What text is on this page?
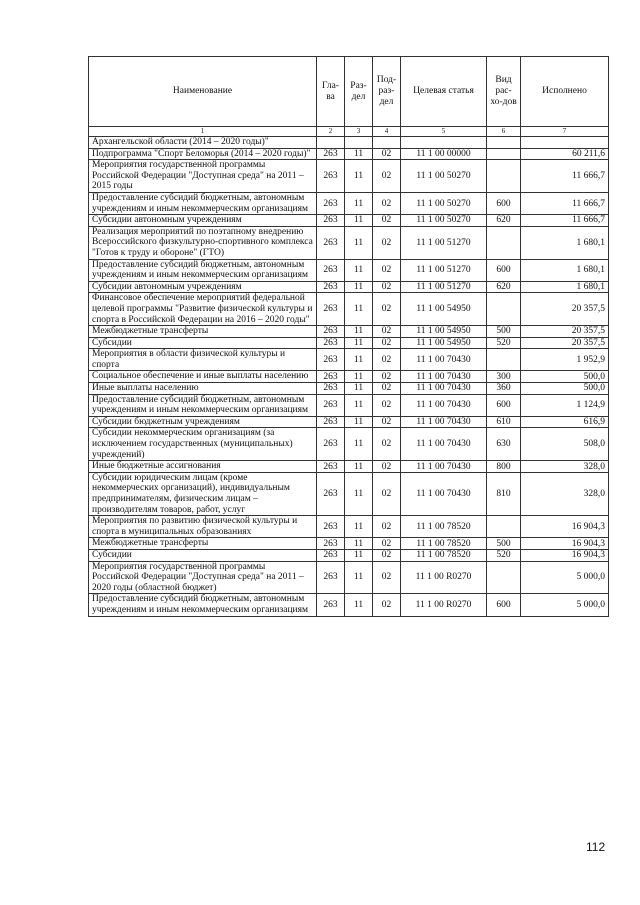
Наименование	Гла-ва	Раз-дел	Под-раз-дел	Целевая статья	Вид рас-хо-дов	Исполнено
1	2	3	4	5	6	7
Архангельской области (2014 – 2020 годы)"						
Подпрограмма "Спорт Беломорья (2014 – 2020 годы)"	263	11	02	11 1 00 00000		60 211,6
Мероприятия государственной программы Российской Федерации "Доступная среда" на 2011 – 2015 годы	263	11	02	11 1 00 50270		11 666,7
Предоставление субсидий бюджетным, автономным учреждениям и иным некоммерческим организациям	263	11	02	11 1 00 50270	600	11 666,7
Субсидии автономным учреждениям	263	11	02	11 1 00 50270	620	11 666,7
Реализация мероприятий по поэтапному внедрению Всероссийского физкультурно-спортивного комплекса "Готов к труду и обороне" (ГТО)	263	11	02	11 1 00 51270		1 680,1
Предоставление субсидий бюджетным, автономным учреждениям и иным некоммерческим организациям	263	11	02	11 1 00 51270	600	1 680,1
Субсидии автономным учреждениям	263	11	02	11 1 00 51270	620	1 680,1
Финансовое обеспечение мероприятий федеральной целевой программы "Развитие физической культуры и спорта в Российской Федерации на 2016 – 2020 годы"	263	11	02	11 1 00 54950		20 357,5
Межбюджетные трансферты	263	11	02	11 1 00 54950	500	20 357,5
Субсидии	263	11	02	11 1 00 54950	520	20 357,5
Мероприятия в области физической культуры и спорта	263	11	02	11 1 00 70430		1 952,9
Социальное обеспечение и иные выплаты населению	263	11	02	11 1 00 70430	300	500,0
Иные выплаты населению	263	11	02	11 1 00 70430	360	500,0
Предоставление субсидий бюджетным, автономным учреждениям и иным некоммерческим организациям	263	11	02	11 1 00 70430	600	1 124,9
Субсидии бюджетным учреждениям	263	11	02	11 1 00 70430	610	616,9
Субсидии некоммерческим организациям (за исключением государственных (муниципальных) учреждений)	263	11	02	11 1 00 70430	630	508,0
Иные бюджетные ассигнования	263	11	02	11 1 00 70430	800	328,0
Субсидии юридическим лицам (кроме некоммерческих организаций), индивидуальным предпринимателям, физическим лицам – производителям товаров, работ, услуг	263	11	02	11 1 00 70430	810	328,0
Мероприятия по развитию физической культуры и спорта в муниципальных образованиях	263	11	02	11 1 00 78520		16 904,3
Межбюджетные трансферты	263	11	02	11 1 00 78520	500	16 904,3
Субсидии	263	11	02	11 1 00 78520	520	16 904,3
Мероприятия государственной программы Российской Федерации "Доступная среда" на 2011 – 2020 годы (областной бюджет)	263	11	02	11 1 00 R0270		5 000,0
Предоставление субсидий бюджетным, автономным учреждениям и иным некоммерческим организациям	263	11	02	11 1 00 R0270	600	5 000,0
112
